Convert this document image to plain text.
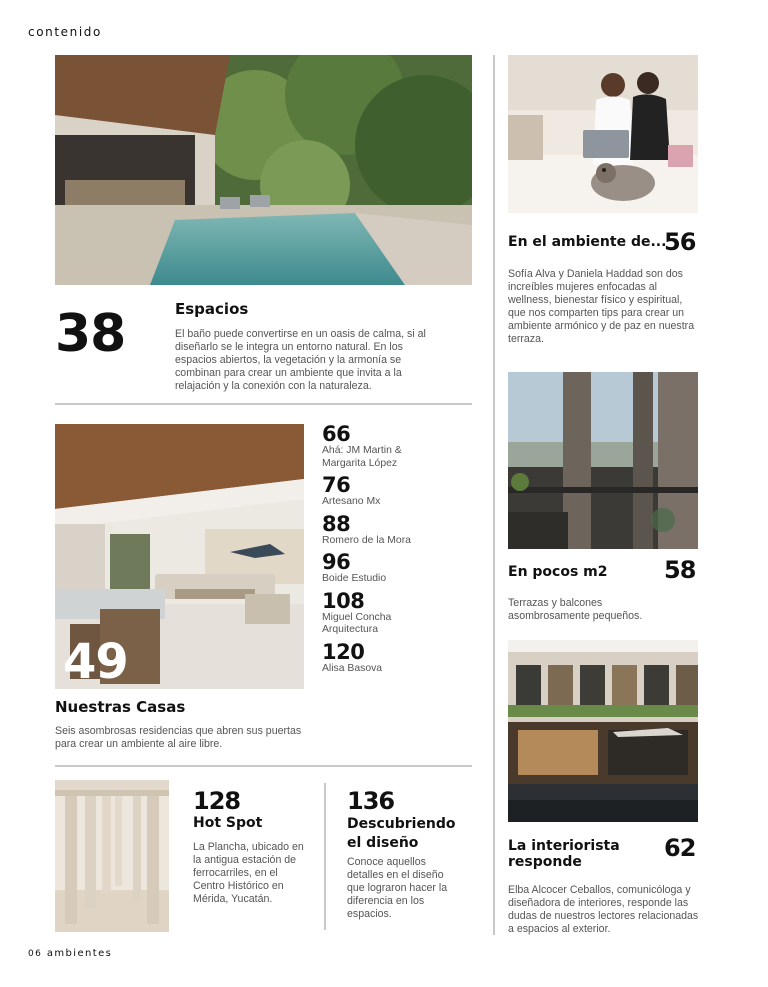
contenido
38	Espacios
El baño puede convertirse en un oasis de calma, si al diseñarlo se le integra un entorno natural. En los espacios abiertos, la vegetación y la armonía se combinan para crear un ambiente que invita a la relajación y la conexión con la naturaleza.
En el ambiente de...
56
Sofía Alva y Daniela Haddad son dos increíbles mujeres enfocadas al wellness, bienestar físico y espiritual, que nos comparten tips para crear un ambiente armónico y de paz en nuestra terraza.
49
66
Ahá: JM Martin & Margarita López
76
Artesano Mx
88
Romero de la Mora
96
Boide Estudio
108
Miguel Concha Arquitectura
120
Alisa Basova
Nuestras Casas
Seis asombrosas residencias que abren sus puertas para crear un ambiente al aire libre.
En pocos m2 58
Terrazas y balcones asombrosamente pequeños.
La interiorista responde	62
Elba Alcocer Ceballos, comunicóloga y diseñadora de interiores, responde las dudas de nuestros lectores relacionadas a espacios al exterior.
128
Hot Spot
La Plancha, ubicado en la antigua estación de ferrocarriles, en el Centro Histórico en Mérida, Yucatán.
136
Descubriendo el diseño
Conoce aquellos detalles en el diseño que lograron hacer la diferencia en los espacios.
06 ambientes
